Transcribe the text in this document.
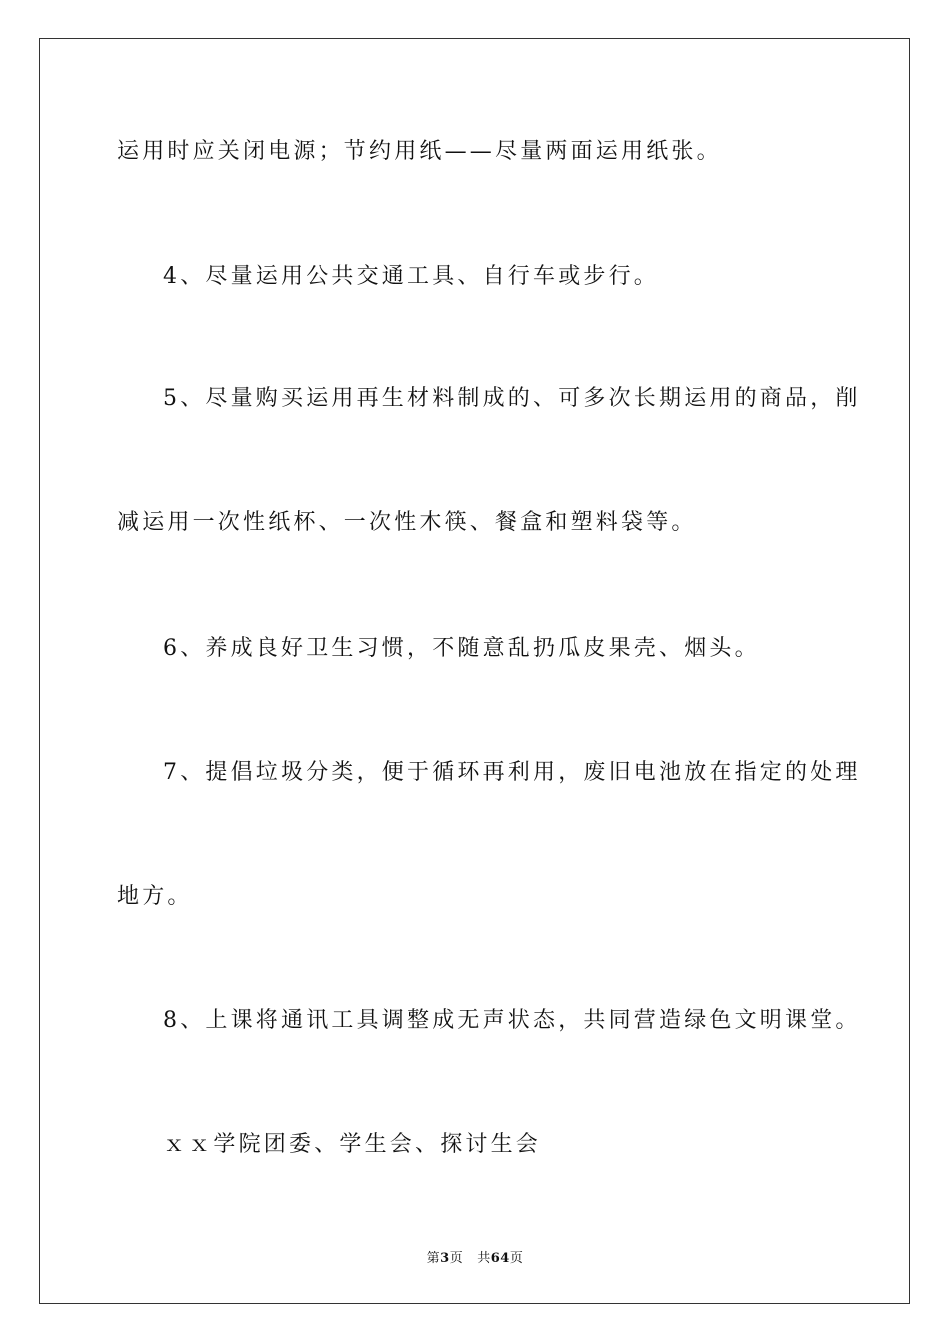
运用时应关闭电源；节约用纸——尽量两面运用纸张。
4、尽量运用公共交通工具、自行车或步行。
5、尽量购买运用再生材料制成的、可多次长期运用的商品，削
减运用一次性纸杯、一次性木筷、餐盒和塑料袋等。
6、养成良好卫生习惯，不随意乱扔瓜皮果壳、烟头。
7、提倡垃圾分类，便于循环再利用，废旧电池放在指定的处理
地方。
8、上课将通讯工具调整成无声状态，共同营造绿色文明课堂。
ｘｘ学院团委、学生会、探讨生会
第3页 共64页
